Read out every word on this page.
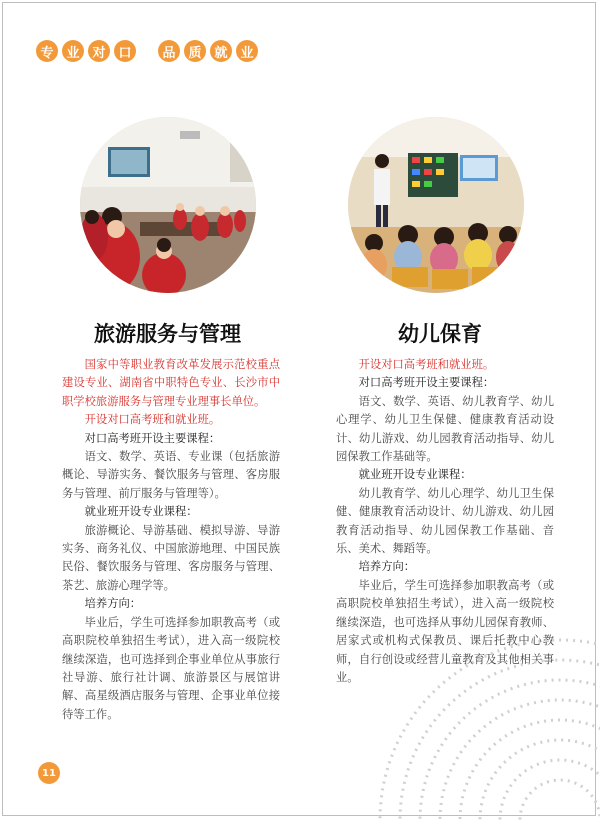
专 业 对 口	品 质 就 业
旅游服务与管理	幼儿保育

国家中等职业教育改革发展示范校重点建设专业、湖南省中职特色专业、长沙市中职学校旅游服务与管理专业理事长单位。

开设对口高考班和就业班。

对口高考班开设主要课程：

语文、数学、英语、专业课（包括旅游概论、导游实务、餐饮服务与管理、客房服务与管理、前厅服务与管理等）。

就业班开设专业课程：

旅游概论、导游基础、模拟导游、导游实务、商务礼仪、中国旅游地理、中国民族民俗、餐饮服务与管理、客房服务与管理、茶艺、旅游心理学等。

培养方向：

毕业后，学生可选择参加职教高考（或高职院校单独招生考试），进入高一级院校继续深造，也可选择到企事业单位从事旅行社导游、旅行社计调、旅游景区与展馆讲解、高星级酒店服务与管理、企事业单位接待等工作。

开设对口高考班和就业班。

对口高考班开设主要课程：

语文、数学、英语、幼儿教育学、幼儿心理学、幼儿卫生保健、健康教育活动设计、幼儿游戏、幼儿园教育活动指导、幼儿园保教工作基础等。

就业班开设专业课程：

幼儿教育学、幼儿心理学、幼儿卫生保健、健康教育活动设计、幼儿游戏、幼儿园教育活动指导、幼儿园保教工作基础、音乐、美术、舞蹈等。

培养方向：

毕业后，学生可选择参加职教高考（或高职院校单独招生考试），进入高一级院校继续深造，也可选择从事幼儿园保育教师、居家式或机构式保教员、课后托教中心教师，自行创设或经营儿童教育及其他相关事业。

11
